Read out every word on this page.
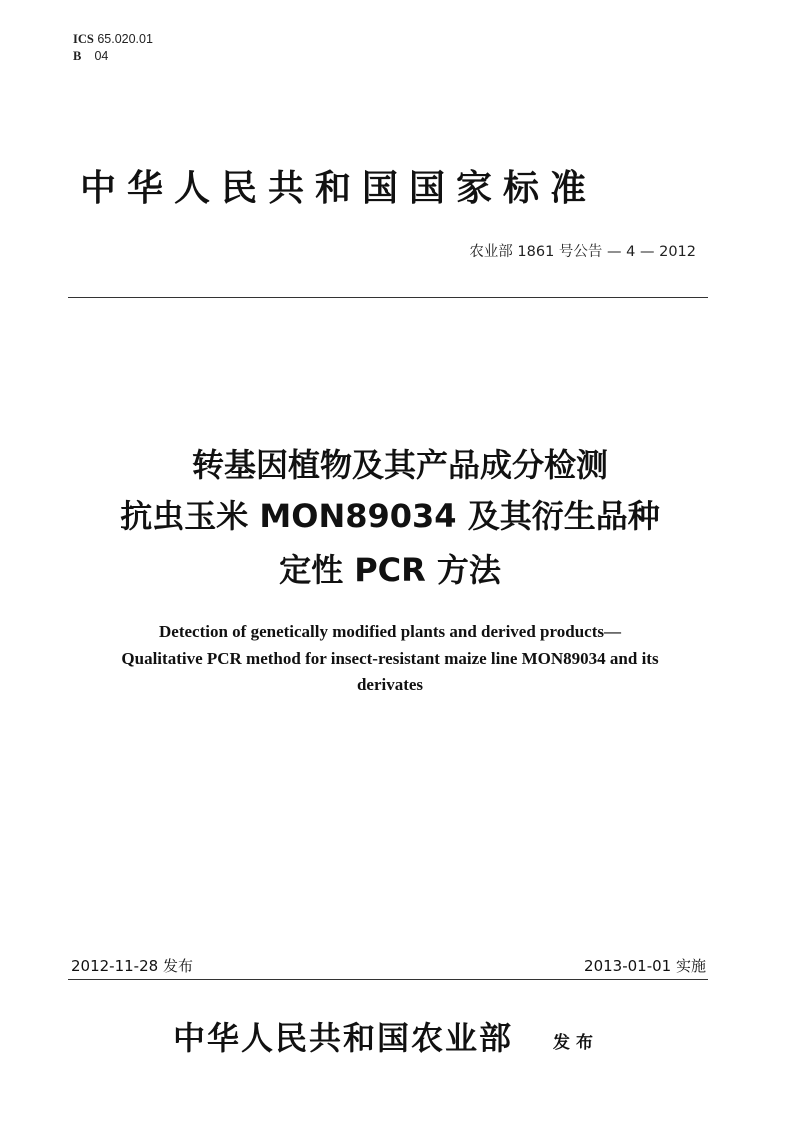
ICS 65.020.01
B 04
中华人民共和国国家标准
农业部 1861 号公告 — 4 — 2012
转基因植物及其产品成分检测
抗虫玉米 MON89034 及其衍生品种
定性 PCR 方法
Detection of genetically modified plants and derived products—
Qualitative PCR method for insect-resistant maize line MON89034 and its
derivates
2012-11-28 发布	2013-01-01 实施
中华人民共和国农业部 发布
